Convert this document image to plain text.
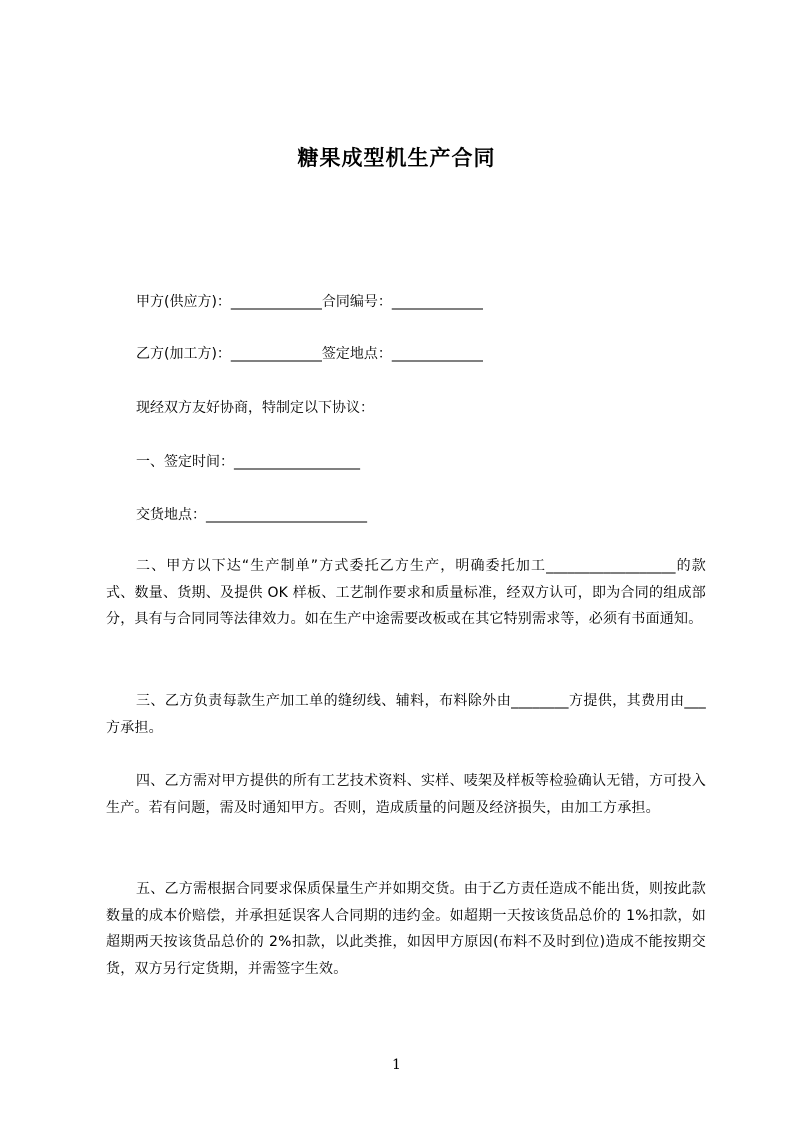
糖果成型机生产合同
甲方(供应方)：_____________合同编号：_____________
乙方(加工方)：_____________签定地点：_____________
现经双方友好协商，特制定以下协议：
一、签定时间：__________________
交货地点：_______________________
二、甲方以下达“生产制单”方式委托乙方生产，明确委托加工__________________的款式、数量、货期、及提供 OK 样板、工艺制作要求和质量标准，经双方认可，即为合同的组成部分，具有与合同同等法律效力。如在生产中途需要改板或在其它特别需求等，必须有书面通知。
三、乙方负责每款生产加工单的缝纫线、辅料，布料除外由________方提供，其费用由___方承担。
四、乙方需对甲方提供的所有工艺技术资料、实样、唛架及样板等检验确认无错，方可投入生产。若有问题，需及时通知甲方。否则，造成质量的问题及经济损失，由加工方承担。
五、乙方需根据合同要求保质保量生产并如期交货。由于乙方责任造成不能出货，则按此款数量的成本价赔偿，并承担延误客人合同期的违约金。如超期一天按该货品总价的 1%扣款，如超期两天按该货品总价的 2%扣款，以此类推，如因甲方原因(布料不及时到位)造成不能按期交货，双方另行定货期，并需签字生效。
1
